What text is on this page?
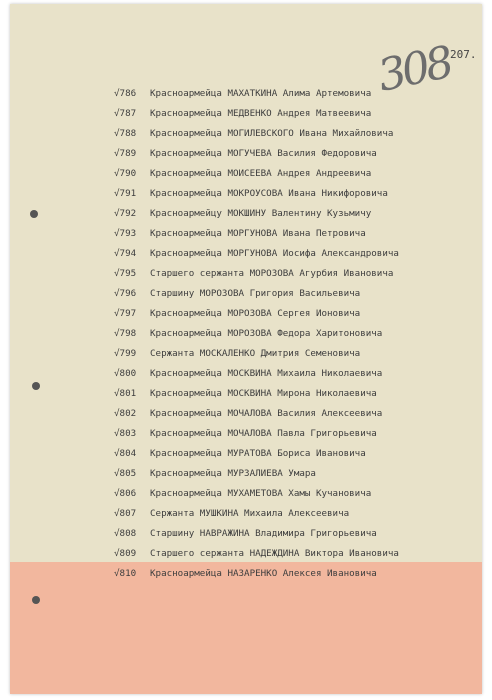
308
207.
√786	Красноармейца МАХАТКИНА Алима Артемовича
√787	Красноармейца МЕДВЕНКО Андрея Матвеевича
√788	Красноармейца МОГИЛЕВСКОГО Ивана Михайловича
√789	Красноармейца МОГУЧЕВА Василия Федоровича
√790	Красноармейца МОИСЕЕВА Андрея Андреевича
√791	Красноармейца МОКРОУСОВА Ивана Никифоровича
√792	Красноармейцу МОКШИНУ Валентину Кузьмичу
√793	Красноармейца МОРГУНОВА Ивана Петровича
√794	Красноармейца МОРГУНОВА Иосифа Александровича
√795	Старшего сержанта МОРОЗОВА Агурбия Ивановича
√796	Старшину МОРОЗОВА Григория Васильевича
√797	Красноармейца МОРОЗОВА Сергея Ионовича
√798	Красноармейца МОРОЗОВА Федора Харитоновича
√799	Сержанта МОСКАЛЕНКО Дмитрия Семеновича
√800	Красноармейца МОСКВИНА Михаила Николаевича
√801	Красноармейца МОСКВИНА Мирона Николаевича
√802	Красноармейца МОЧАЛОВА Василия Алексеевича
√803	Красноармейца МОЧАЛОВА Павла Григорьевича
√804	Красноармейца МУРАТОВА Бориса Ивановича
√805	Красноармейца МУРЗАЛИЕВА Умара
√806	Красноармейца МУХАМЕТОВА Хамы Кучановича
√807	Сержанта МУШКИНА Михаила Алексеевича
√808	Старшину НАВРАЖИНА Владимира Григорьевича
√809	Старшего сержанта НАДЕЖДИНА Виктора Ивановича
√810	Красноармейца НАЗАРЕНКО Алексея Ивановича
